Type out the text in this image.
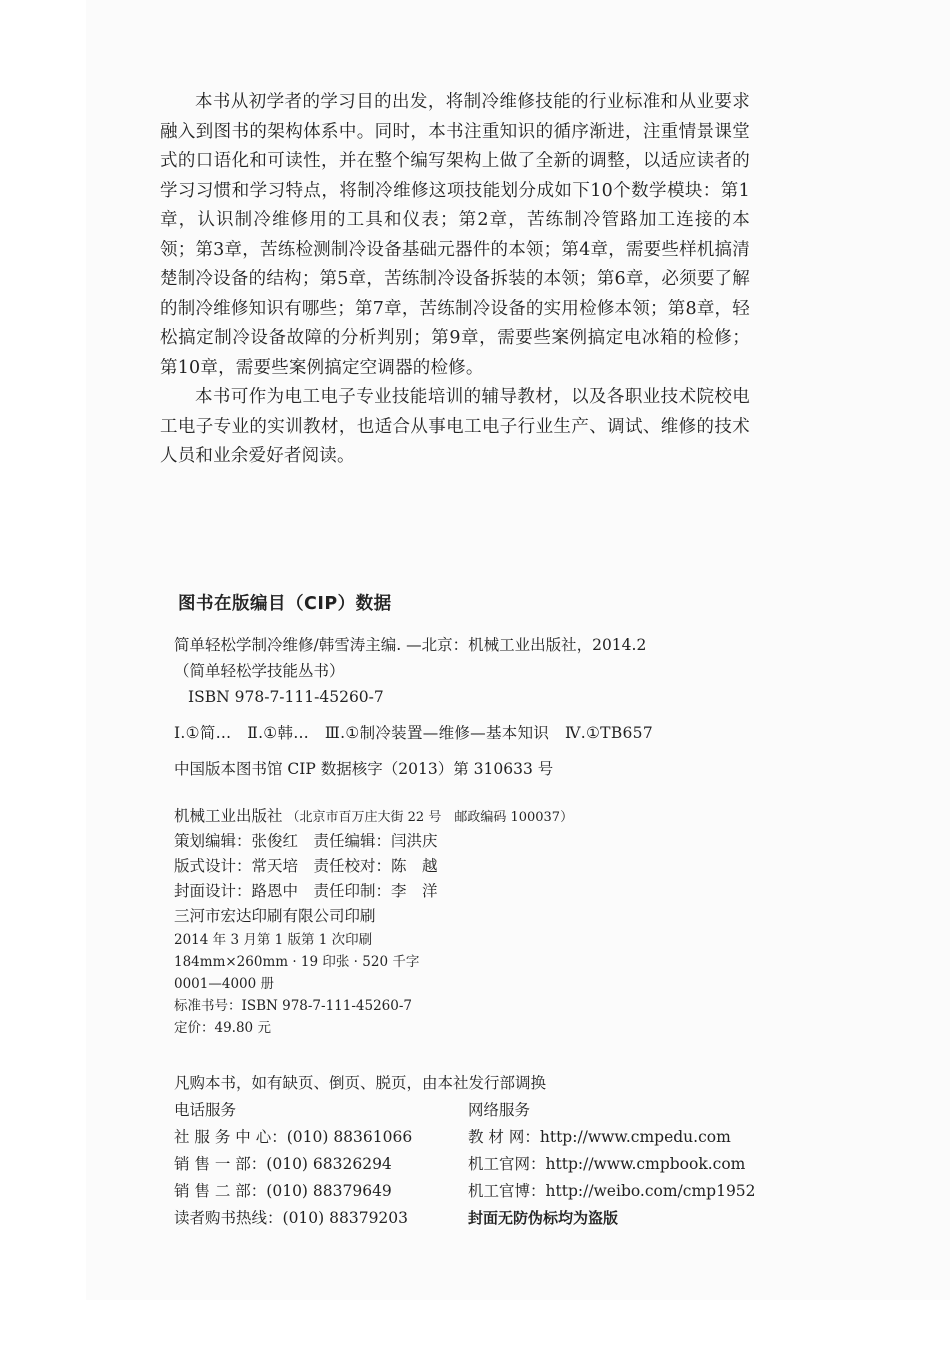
本书从初学者的学习目的出发，将制冷维修技能的行业标准和从业要求融入到图书的架构体系中。同时，本书注重知识的循序渐进，注重情景课堂式的口语化和可读性，并在整个编写架构上做了全新的调整，以适应读者的学习习惯和学习特点，将制冷维修这项技能划分成如下10个数学模块：第1章，认识制冷维修用的工具和仪表；第2章，苦练制冷管路加工连接的本领；第3章，苦练检测制冷设备基础元器件的本领；第4章，需要些样机搞清楚制冷设备的结构；第5章，苦练制冷设备拆装的本领；第6章，必须要了解的制冷维修知识有哪些；第7章，苦练制冷设备的实用检修本领；第8章，轻松搞定制冷设备故障的分析判别；第9章，需要些案例搞定电冰箱的检修；第10章，需要些案例搞定空调器的检修。

本书可作为电工电子专业技能培训的辅导教材，以及各职业技术院校电工电子专业的实训教材，也适合从事电工电子行业生产、调试、维修的技术人员和业余爱好者阅读。

图书在版编目（CIP）数据
简单轻松学制冷维修/韩雪涛主编. —北京：机械工业出版社，2014.2
（简单轻松学技能丛书）
ISBN 978-7-111-45260-7
Ⅰ.①简…　Ⅱ.①韩…　Ⅲ.①制冷装置—维修—基本知识　Ⅳ.①TB657
中国版本图书馆 CIP 数据核字（2013）第 310633 号
机械工业出版社 （北京市百万庄大街 22 号　邮政编码 100037）
策划编辑：张俊红　责任编辑：闫洪庆
版式设计：常天培　责任校对：陈　越
封面设计：路恩中　责任印制：李　洋
三河市宏达印刷有限公司印刷
2014 年 3 月第 1 版第 1 次印刷
184mm×260mm · 19 印张 · 520 千字
0001—4000 册
标准书号：ISBN 978-7-111-45260-7
定价：49.80 元
凡购本书，如有缺页、倒页、脱页，由本社发行部调换
电话服务	网络服务
社 服 务 中 心：(010) 88361066	教 材 网：http://www.cmpedu.com
销 售 一 部：(010) 68326294	机工官网：http://www.cmpbook.com
销 售 二 部：(010) 88379649	机工官博：http://weibo.com/cmp1952
读者购书热线：(010) 88379203	封面无防伪标均为盗版
